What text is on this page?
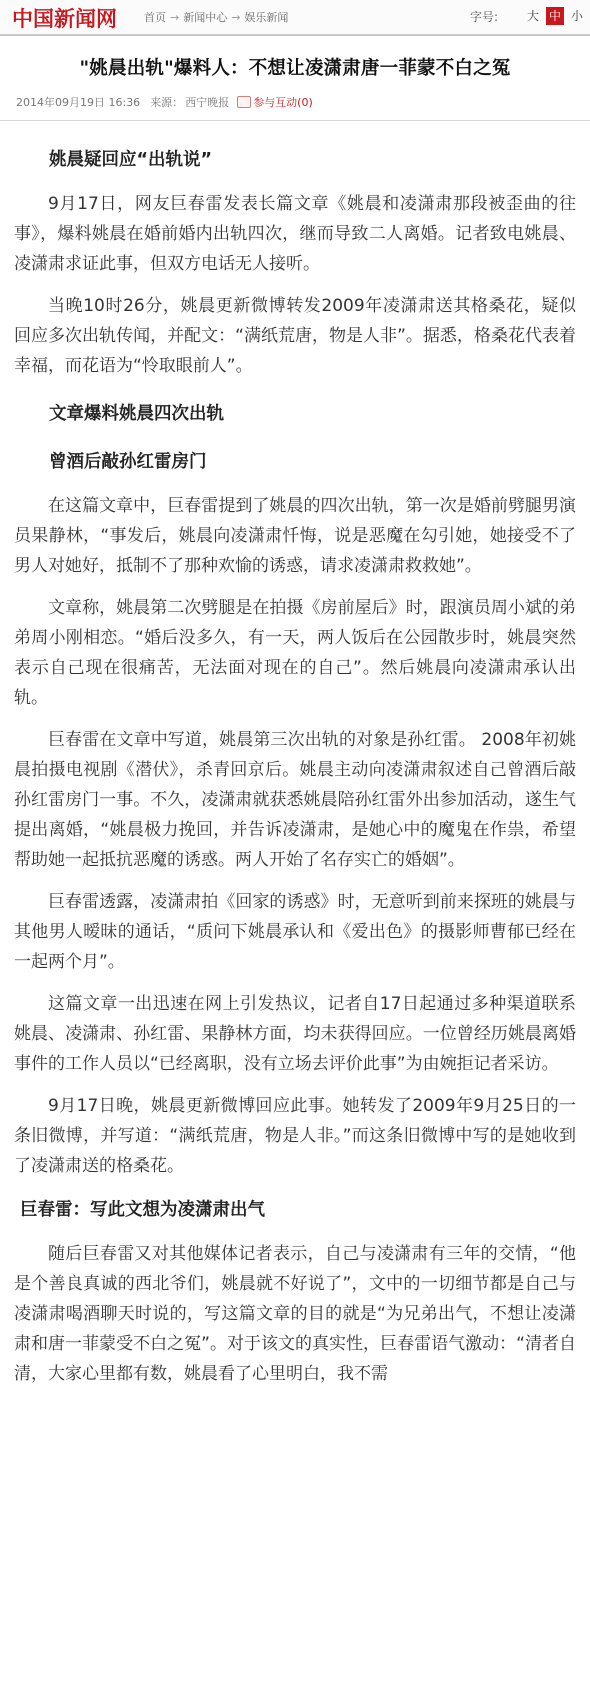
中国新闻网 首页 → 新闻中心 → 娱乐新闻	字号: 大 中 小
"姚晨出轨"爆料人：不想让凌潇肃唐一菲蒙不白之冤
2014年09月19日 16:36 来源： 西宁晚报 参与互动(0)
姚晨疑回应“出轨说”

9月17日，网友巨春雷发表长篇文章《姚晨和凌潇肃那段被歪曲的往事》，爆料姚晨在婚前婚内出轨四次，继而导致二人离婚。记者致电姚晨、凌潇肃求证此事，但双方电话无人接听。

当晚10时26分，姚晨更新微博转发2009年凌潇肃送其格桑花，疑似回应多次出轨传闻，并配文：“满纸荒唐，物是人非”。据悉，格桑花代表着幸福，而花语为“怜取眼前人”。

文章爆料姚晨四次出轨
曾酒后敲孙红雷房门

在这篇文章中，巨春雷提到了姚晨的四次出轨，第一次是婚前劈腿男演员果静林，“事发后，姚晨向凌潇肃忏悔，说是恶魔在勾引她，她接受不了男人对她好，抵制不了那种欢愉的诱惑，请求凌潇肃救救她”。

文章称，姚晨第二次劈腿是在拍摄《房前屋后》时，跟演员周小斌的弟弟周小刚相恋。“婚后没多久，有一天，两人饭后在公园散步时，姚晨突然表示自己现在很痛苦，无法面对现在的自己”。然后姚晨向凌潇肃承认出轨。

巨春雷在文章中写道，姚晨第三次出轨的对象是孙红雷。 2008年初姚晨拍摄电视剧《潜伏》，杀青回京后。姚晨主动向凌潇肃叙述自己曾酒后敲孙红雷房门一事。不久，凌潇肃就获悉姚晨陪孙红雷外出参加活动，遂生气提出离婚，“姚晨极力挽回，并告诉凌潇肃，是她心中的魔鬼在作祟，希望帮助她一起抵抗恶魔的诱惑。两人开始了名存实亡的婚姻”。

巨春雷透露，凌潇肃拍《回家的诱惑》时，无意听到前来探班的姚晨与其他男人暧昧的通话，“质问下姚晨承认和《爱出色》的摄影师曹郁已经在一起两个月”。

这篇文章一出迅速在网上引发热议，记者自17日起通过多种渠道联系姚晨、凌潇肃、孙红雷、果静林方面，均未获得回应。一位曾经历姚晨离婚事件的工作人员以“已经离职，没有立场去评价此事”为由婉拒记者采访。

9月17日晚，姚晨更新微博回应此事。她转发了2009年9月25日的一条旧微博，并写道：“满纸荒唐，物是人非。”而这条旧微博中写的是她收到了凌潇肃送的格桑花。

巨春雷：写此文想为凌潇肃出气

随后巨春雷又对其他媒体记者表示，自己与凌潇肃有三年的交情，“他是个善良真诚的西北爷们，姚晨就不好说了”，文中的一切细节都是自己与凌潇肃喝酒聊天时说的，写这篇文章的目的就是“为兄弟出气，不想让凌潇肃和唐一菲蒙受不白之冤”。对于该文的真实性，巨春雷语气激动：“清者自清，大家心里都有数，姚晨看了心里明白，我不需
